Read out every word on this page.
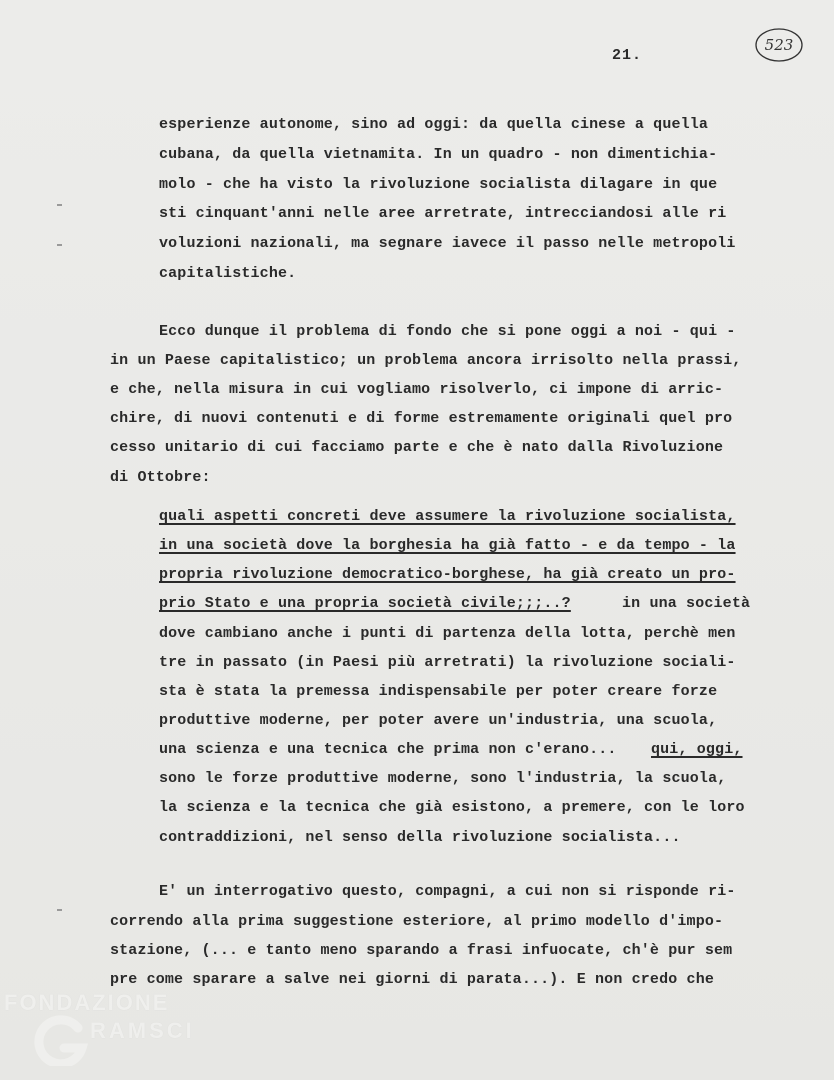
21.
523
esperienze autonome, sino ad oggi: da quella cinese a quella
cubana, da quella vietnamita. In un quadro - non dimentichia-
molo - che ha visto la rivoluzione socialista dilagare in que
sti cinquant'anni nelle aree arretrate, intrecciandosi alle ri
voluzioni nazionali, ma segnare iavece il passo nelle metropoli
capitalistiche.
Ecco dunque il problema di fondo che si pone oggi a noi - qui -
in un Paese capitalistico; un problema ancora irrisolto nella prassi,
e che, nella misura in cui vogliamo risolverlo, ci impone di arric-
chire, di nuovi contenuti e di forme estremamente originali quel pro
cesso unitario di cui facciamo parte e che è nato dalla Rivoluzione
di Ottobre:
quali aspetti concreti deve assumere la rivoluzione socialista,
in una società dove la borghesia ha già fatto - e da tempo - la
propria rivoluzione democratico-borghese, ha già creato un pro-
prio Stato e una propria società civile;;;..?	in una società
dove cambiano anche i punti di partenza della lotta, perchè men
tre in passato (in Paesi più arretrati) la rivoluzione sociali-
sta è stata la premessa indispensabile per poter creare forze
produttive moderne, per poter avere un'industria, una scuola,
una scienza e una tecnica che prima non c'erano... qui, oggi,
sono le forze produttive moderne, sono l'industria, la scuola,
la scienza e la tecnica che già esistono, a premere, con le loro
contraddizioni, nel senso della rivoluzione socialista...
E' un interrogativo questo, compagni, a cui non si risponde ri-
correndo alla prima suggestione esteriore, al primo modello d'impo-
stazione, (... e tanto meno sparando a frasi infuocate, ch'è pur sem
pre come sparare a salve nei giorni di parata...). E non credo che
FONDAZIONE
RAMSCI
